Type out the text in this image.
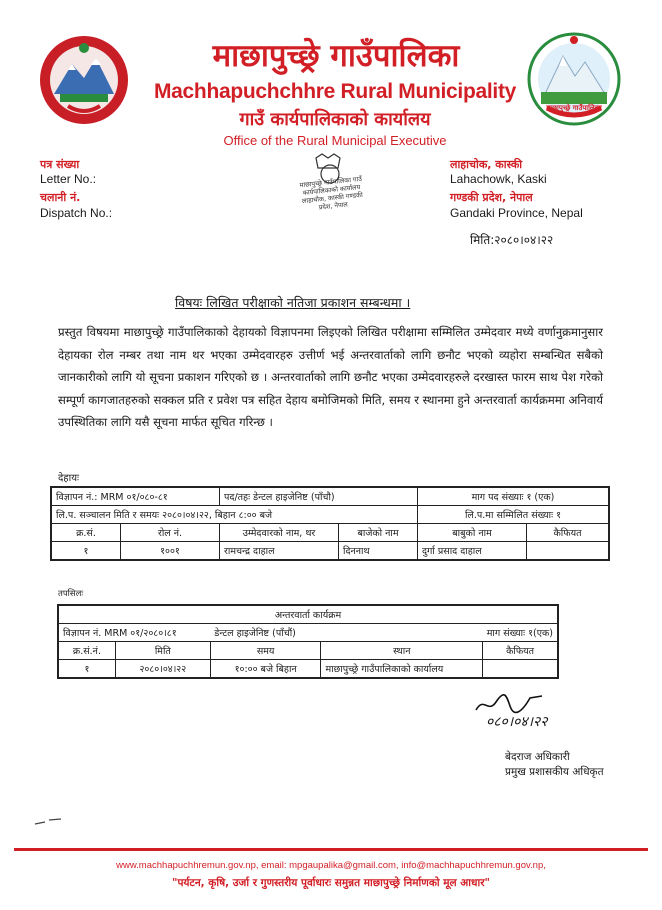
माछापुच्छ्रे गाउँपालिका
माछापुच्छ्रे गाउँपालिका
Machhapuchchhre Rural Municipality
गाउँ कार्यपालिकाको कार्यालय
Office of the Rural Municipal Executive
पत्र संख्या
Letter No.:
चलानी नं.
Dispatch No.:
माछापुच्छ्रे गाउँपालिका गाउँ कार्यपालिकाको कार्यालय लाहाचोक, कास्की गण्डकी प्रदेश, नेपाल
लाहाचोक, कास्की
Lahachowk, Kaski
गण्डकी प्रदेश, नेपाल
Gandaki Province, Nepal
मिति:२०८०।०४।२२
विषयः लिखित परीक्षाको नतिजा प्रकाशन सम्बन्धमा ।
प्रस्तुत विषयमा माछापुच्छ्रे गाउँपालिकाको देहायको विज्ञापनमा लिइएको लिखित परीक्षामा सम्मिलित उम्मेदवार मध्ये वर्णानुक्रमानुसार देहायका रोल नम्बर तथा नाम थर भएका उम्मेदवारहरु उत्तीर्ण भई अन्तरवार्ताको लागि छनौट भएको व्यहोरा सम्बन्धित सबैको जानकारीको लागि यो सूचना प्रकाशन गरिएको छ । अन्तरवार्ताको लागि छनौट भएका उम्मेदवारहरुले दरखास्त फारम साथ पेश गरेको सम्पूर्ण कागजातहरुको सक्कल प्रति र प्रवेश पत्र सहित देहाय बमोजिमको मिति, समय र स्थानमा हुने अन्तरवार्ता कार्यक्रममा अनिवार्य उपस्थितिका लागि यसै सूचना मार्फत सूचित गरिन्छ ।
देहायः
विज्ञापन नं.: MRM ०१/०८०-८१		पद/तहः डेन्टल हाइजेनिष्ट (पाँचौ)		माग पद संख्याः १ (एक)	
लि.प. सञ्चालन मिति र समयः २०८०।०४।२२, बिहान ८:०० बजे				लि.प.मा सम्मिलित संख्याः १	
क्र.सं.	रोल नं.	उम्मेदवारको नाम, थर	बाजेको नाम	बाबुको नाम	कैफियत
१	१००१	रामचन्द्र दाहाल	दिननाथ	दुर्गा प्रसाद दाहाल	
तपसिलः
अन्तरवार्ता कार्यक्रम				
विज्ञापन नं. MRM ०१/२०८०।८१		डेन्टल हाइजेनिष्ट (पाँचौं)		माग संख्याः १(एक)
क्र.सं.नं.	मिति	समय	स्थान	कैफियत
१	२०८०।०४।२२	१०:०० बजे बिहान	माछापुच्छ्रे गाउँपालिकाको कार्यालय	
०८०।०४।२२
बेदराज अधिकारी
प्रमुख प्रशासकीय अधिकृत
www.machhapuchhremun.gov.np, email: mpgaupalika@gmail.com, info@machhapuchhremun.gov.np,
"पर्यटन, कृषि, उर्जा र गुणस्तरीय पूर्वाधारः समुन्नत माछापुच्छ्रे निर्माणको मूल आधार"
